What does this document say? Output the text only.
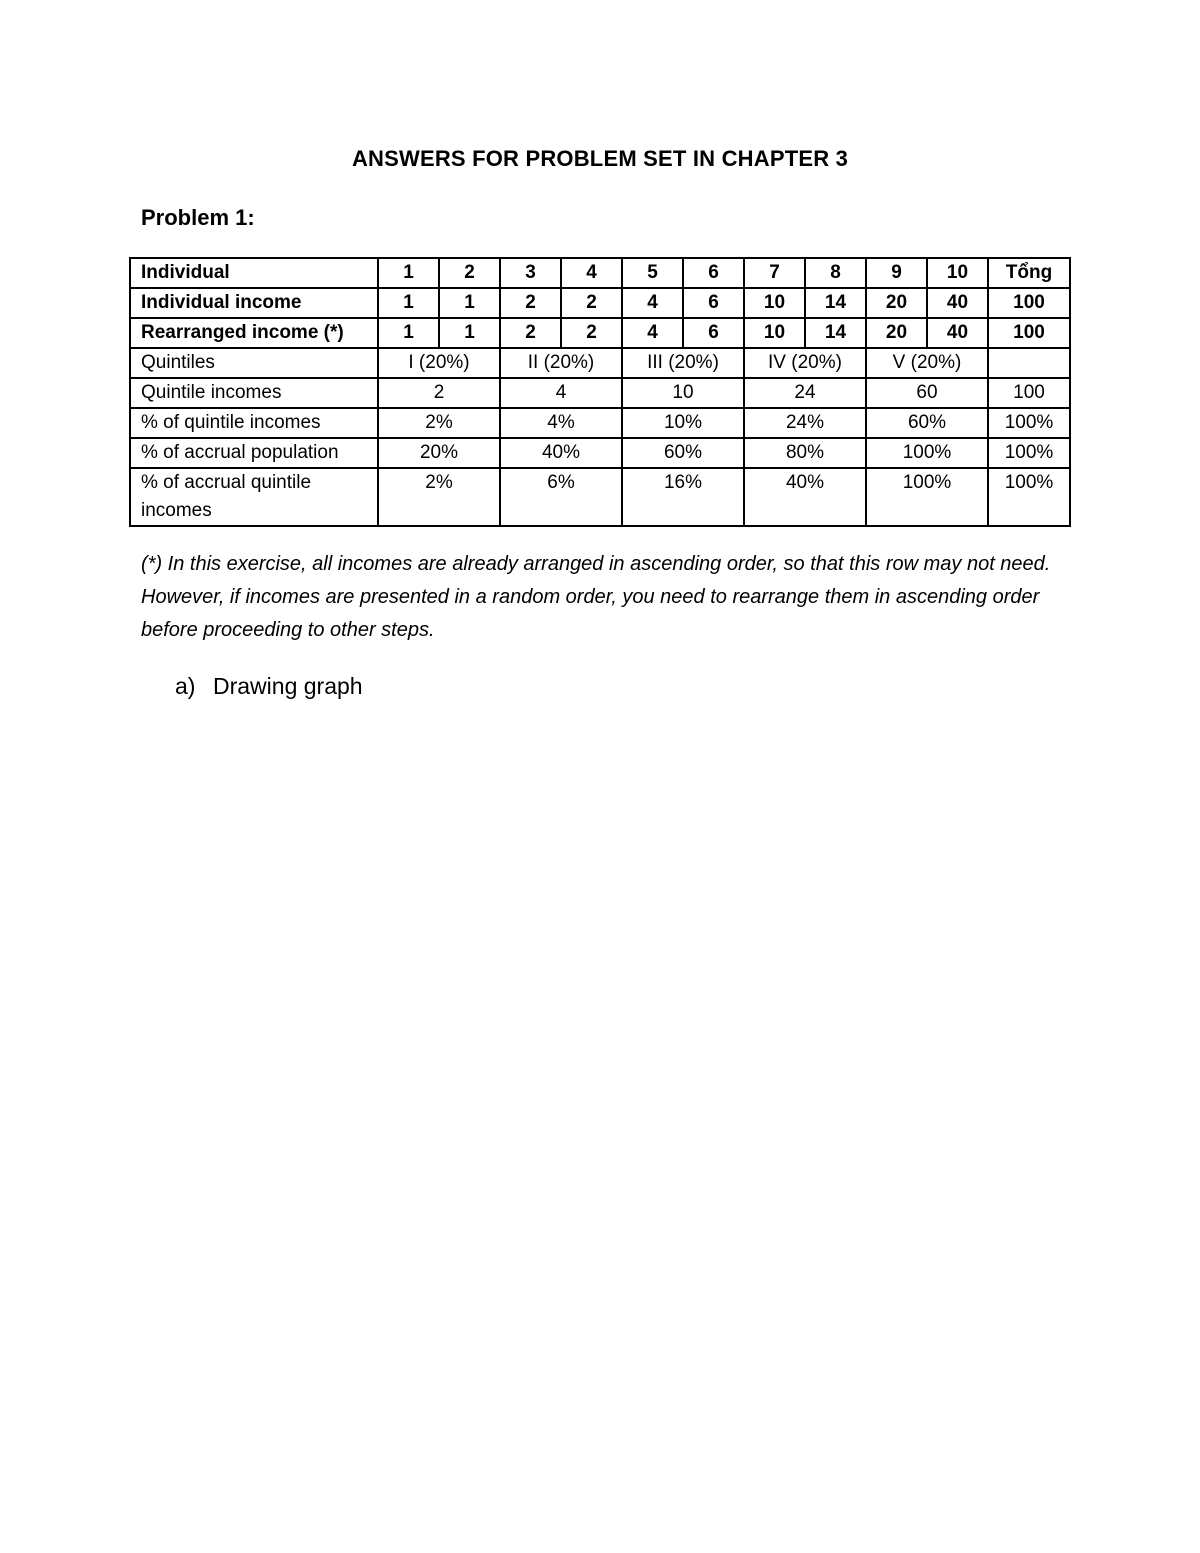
ANSWERS FOR PROBLEM SET IN CHAPTER 3
Problem 1:
Individual	1	2	3	4	5	6	7	8	9	10	Tổng
Individual income	1	1	2	2	4	6	10	14	20	40	100
Rearranged income (*)	1	1	2	2	4	6	10	14	20	40	100
Quintiles	I (20%)		II (20%)		III (20%)		IV (20%)		V (20%)		
Quintile incomes	2		4		10		24		60		100
% of quintile incomes	2%		4%		10%		24%		60%		100%
% of accrual population	20%		40%		60%		80%		100%		100%
% of accrual quintile
incomes	2%		6%		16%		40%		100%		100%
(*) In this exercise, all incomes are already arranged in ascending order, so that this row may not need. However, if incomes are presented in a random order, you need to rearrange them in ascending order before proceeding to other steps.
a) Drawing graph
